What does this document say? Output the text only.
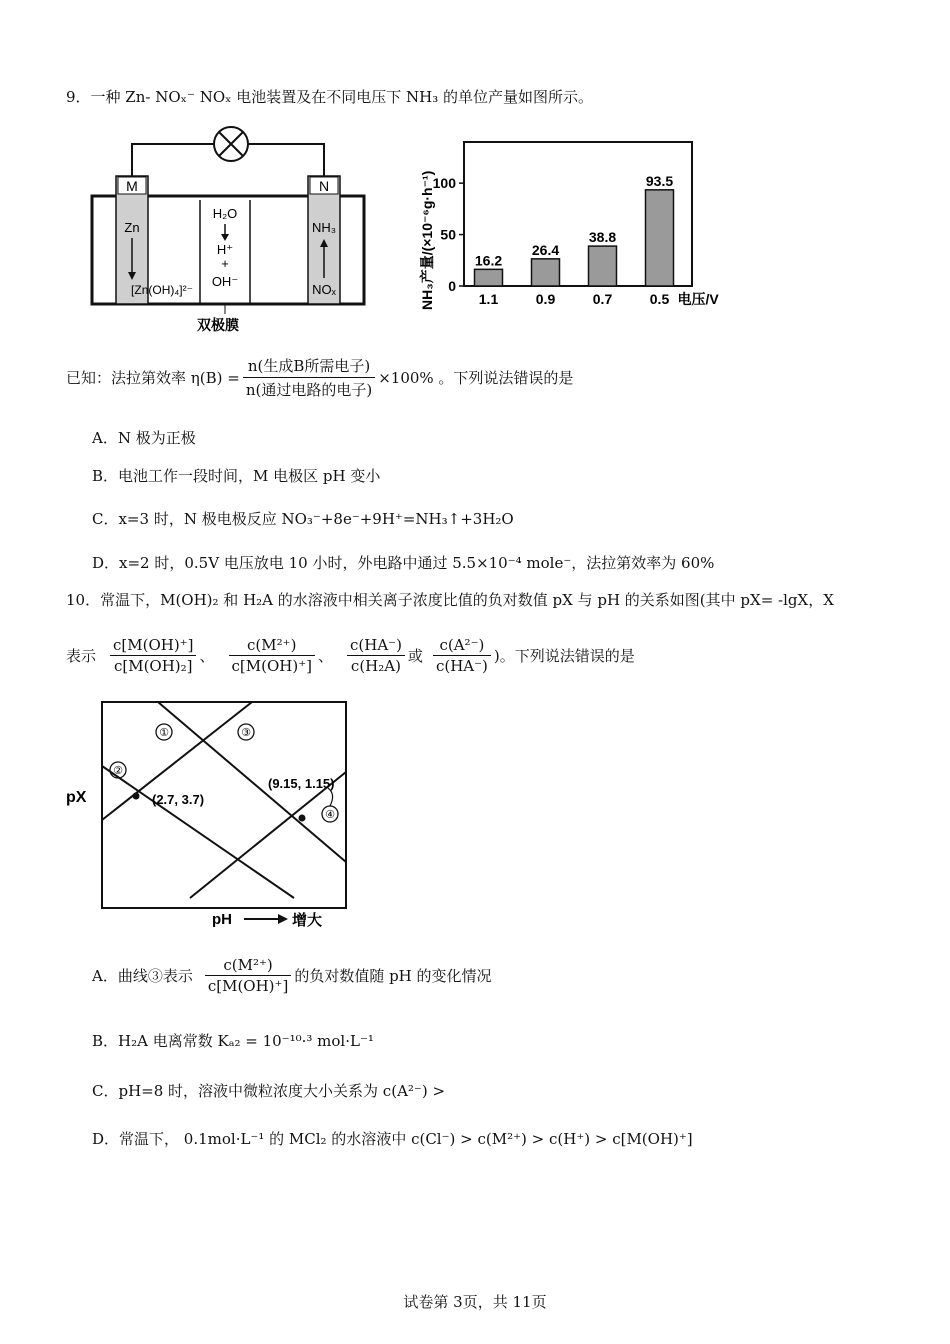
9．一种 Zn- NOₓ⁻ NOₓ 电池装置及在不同电压下 NH₃ 的单位产量如图所示。
M	N
Zn
[Zn(OH)₄]²⁻
H₂O
H⁺
+
OH⁻
NH₃
NOₓ
双极膜
0
50
100
16.2
1.1
26.4
0.9
38.8
0.7
93.5
0.5 电压/V
NH₃产量/(×10⁻⁶g·h⁻¹)
已知：法拉第效率 $\eta(B) = \frac{\text{n(生成B所需电子)}}{\text{n(通过电路的电子)}} \times 100\%$ 。下列说法错误的是
A．N 极为正极
B．电池工作一段时间，M 电极区 pH 变小
C．x=3 时，N 极电极反应 NO₃⁻+8e⁻+9H⁺=NH₃↑+3H₂O
D．x=2 时，0.5V 电压放电 10 小时，外电路中通过 5.5×10⁻⁴ mole⁻，法拉第效率为 60%
10．常温下，M(OH)₂ 和 H₂A 的水溶液中相关离子浓度比值的负对数值 pX 与 pH 的关系如图(其中 pX= -lgX，X
表示 $\frac{c[M(OH)^+]}{\text{c[M(OH)₂]}}$ 、 $\frac{\text{c(M²⁺)}}{c[M(OH)^+]}$ 、 $\frac{c(HA^-)}{\text{c(H₂A)}}$ 或 $\frac{\text{c(A²⁻)}}{c(HA^-)}$ )。下列说法错误的是
①
②
③
④
(2.7, 3.7)
(9.15, 1.15)
pX
pH	增大
A．曲线③表示 $\frac{\text{c(M²⁺)}}{c[M(OH)^+]}$ 的负对数值随 pH 的变化情况
B．H₂A 电离常数 Kₐ₂ = 10⁻¹⁰·³ mol·L⁻¹
C．pH=8 时，溶液中微粒浓度大小关系为 c(A²⁻) >
D．常温下， 0.1mol·L⁻¹ 的 MCl₂ 的水溶液中 c(Cl⁻) > c(M²⁺) > c(H⁺) > c[M(OH)⁺]
试卷第 3页，共 11页
